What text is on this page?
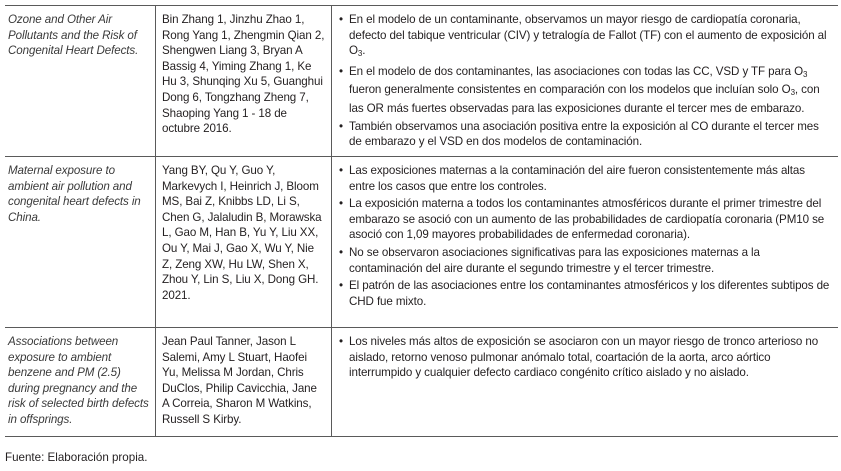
Ozone and Other Air Pollutants and the Risk of Congenital Heart Defects.
Bin Zhang 1, Jinzhu Zhao 1, Rong Yang 1, Zhengmin Qian 2, Shengwen Liang 3, Bryan A Bassig 4, Yiming Zhang 1, Ke Hu 3, Shunqing Xu 5, Guanghui Dong 6, Tongzhang Zheng 7, Shaoping Yang 1 - 18 de octubre 2016.
• En el modelo de un contaminante, observamos un mayor riesgo de cardiopatía coronaria, defecto del tabique ventricular (CIV) y tetralogía de Fallot (TF) con el aumento de exposición al $O_3$.
• En el modelo de dos contaminantes, las asociaciones con todas las CC, VSD y TF para $O_3$ fueron generalmente consistentes en comparación con los modelos que incluían solo $O_3$, con las OR más fuertes observadas para las exposiciones durante el tercer mes de embarazo.
• También observamos una asociación positiva entre la exposición al CO durante el tercer mes de embarazo y el VSD en dos modelos de contaminación.
Maternal exposure to ambient air pollution and congenital heart defects in China.
Yang BY, Qu Y, Guo Y, Markevych I, Heinrich J, Bloom MS, Bai Z, Knibbs LD, Li S, Chen G, Jalaludin B, Morawska L, Gao M, Han B, Yu Y, Liu XX, Ou Y, Mai J, Gao X, Wu Y, Nie Z, Zeng XW, Hu LW, Shen X, Zhou Y, Lin S, Liu X, Dong GH. 2021.
• Las exposiciones maternas a la contaminación del aire fueron consistentemente más altas entre los casos que entre los controles.
• La exposición materna a todos los contaminantes atmosféricos durante el primer trimestre del embarazo se asoció con un aumento de las probabilidades de cardiopatía coronaria (PM10 se asoció con 1,09 mayores probabilidades de enfermedad coronaria).
• No se observaron asociaciones significativas para las exposiciones maternas a la contaminación del aire durante el segundo trimestre y el tercer trimestre.
• El patrón de las asociaciones entre los contaminantes atmosféricos y los diferentes subtipos de CHD fue mixto.
Associations between exposure to ambient benzene and PM (2.5) during pregnancy and the risk of selected birth defects in offsprings.
Jean Paul Tanner, Jason L Salemi, Amy L Stuart, Haofei Yu, Melissa M Jordan, Chris DuClos, Philip Cavicchia, Jane A Correia, Sharon M Watkins, Russell S Kirby.
• Los niveles más altos de exposición se asociaron con un mayor riesgo de tronco arterioso no aislado, retorno venoso pulmonar anómalo total, coartación de la aorta, arco aórtico interrumpido y cualquier defecto cardiaco congénito crítico aislado y no aislado.
Fuente: Elaboración propia.
